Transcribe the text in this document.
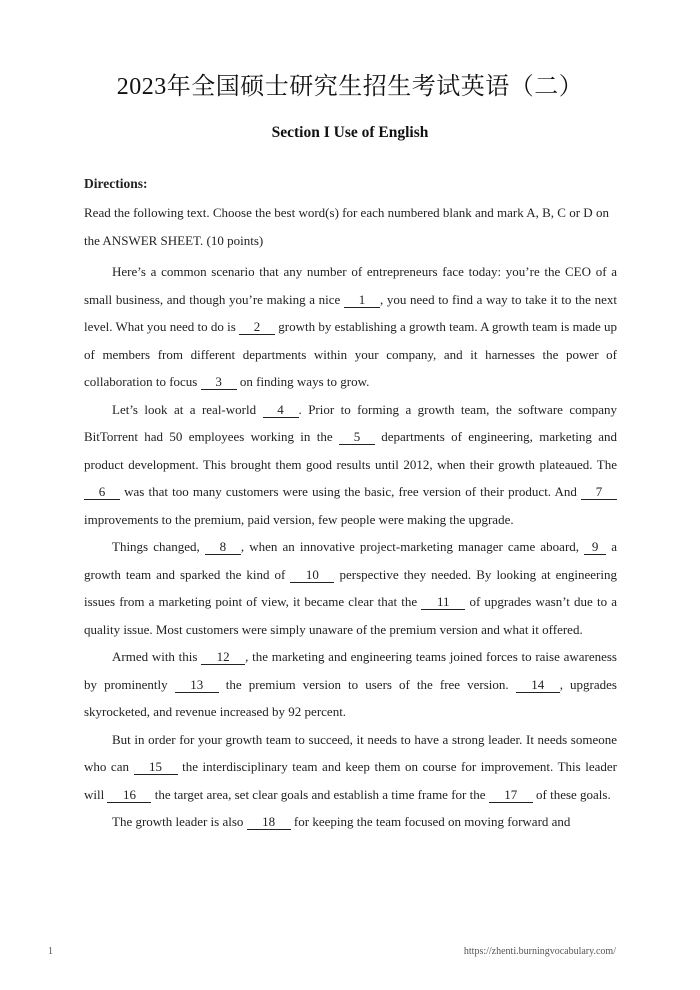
2023年全国硕士研究生招生考试英语（二）
Section I Use of English
Directions:
Read the following text. Choose the best word(s) for each numbered blank and mark A, B, C or D on the ANSWER SHEET. (10 points)

Here’s a common scenario that any number of entrepreneurs face today: you’re the CEO of a small business, and though you’re making a nice 1 , you need to find a way to take it to the next level. What you need to do is 2 growth by establishing a growth team. A growth team is made up of members from different departments within your company, and it harnesses the power of collaboration to focus 3 on finding ways to grow.

Let’s look at a real-world 4 . Prior to forming a growth team, the software company BitTorrent had 50 employees working in the 5 departments of engineering, marketing and product development. This brought them good results until 2012, when their growth plateaued. The 6 was that too many customers were using the basic, free version of their product. And 7 improvements to the premium, paid version, few people were making the upgrade.

Things changed, 8 , when an innovative project-marketing manager came aboard, 9 a growth team and sparked the kind of 10 perspective they needed. By looking at engineering issues from a marketing point of view, it became clear that the 11 of upgrades wasn’t due to a quality issue. Most customers were simply unaware of the premium version and what it offered.

Armed with this 12 , the marketing and engineering teams joined forces to raise awareness by prominently 13 the premium version to users of the free version. 14 , upgrades skyrocketed, and revenue increased by 92 percent.

But in order for your growth team to succeed, it needs to have a strong leader. It needs someone who can 15 the interdisciplinary team and keep them on course for improvement. This leader will 16 the target area, set clear goals and establish a time frame for the 17 of these goals.

The growth leader is also 18 for keeping the team focused on moving forward and

1	https://zhenti.burningvocabulary.com/
